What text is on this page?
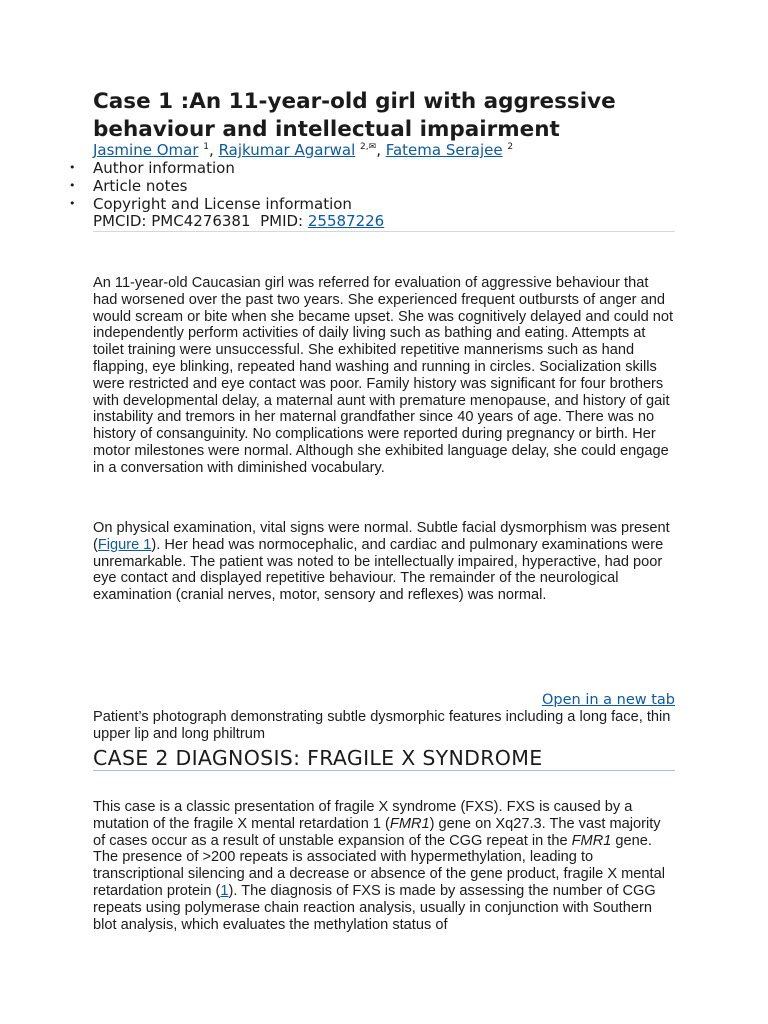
Case 1 :An 11-year-old girl with aggressive behaviour and intellectual impairment
Jasmine Omar $^1$, Rajkumar Agarwal $^{2,✉}$, Fatema Serajee $^2$
• Author information
• Article notes
• Copyright and License information
PMCID: PMC4276381 PMID: 25587226

An 11-year-old Caucasian girl was referred for evaluation of aggressive behaviour that had worsened over the past two years. She experienced frequent outbursts of anger and would scream or bite when she became upset. She was cognitively delayed and could not independently perform activities of daily living such as bathing and eating. Attempts at toilet training were unsuccessful. She exhibited repetitive mannerisms such as hand flapping, eye blinking, repeated hand washing and running in circles. Socialization skills were restricted and eye contact was poor. Family history was significant for four brothers with developmental delay, a maternal aunt with premature menopause, and history of gait instability and tremors in her maternal grandfather since 40 years of age. There was no history of consanguinity. No complications were reported during pregnancy or birth. Her motor milestones were normal. Although she exhibited language delay, she could engage in a conversation with diminished vocabulary.

On physical examination, vital signs were normal. Subtle facial dysmorphism was present (Figure 1). Her head was normocephalic, and cardiac and pulmonary examinations were unremarkable. The patient was noted to be intellectually impaired, hyperactive, had poor eye contact and displayed repetitive behaviour. The remainder of the neurological examination (cranial nerves, motor, sensory and reflexes) was normal.

Open in a new tab
Patient’s photograph demonstrating subtle dysmorphic features including a long face, thin upper lip and long philtrum
CASE 2 DIAGNOSIS: FRAGILE X SYNDROME

This case is a classic presentation of fragile X syndrome (FXS). FXS is caused by a mutation of the fragile X mental retardation 1 (FMR1) gene on Xq27.3. The vast majority of cases occur as a result of unstable expansion of the CGG repeat in the FMR1 gene. The presence of >200 repeats is associated with hypermethylation, leading to transcriptional silencing and a decrease or absence of the gene product, fragile X mental retardation protein (1). The diagnosis of FXS is made by assessing the number of CGG repeats using polymerase chain reaction analysis, usually in conjunction with Southern blot analysis, which evaluates the methylation status of
